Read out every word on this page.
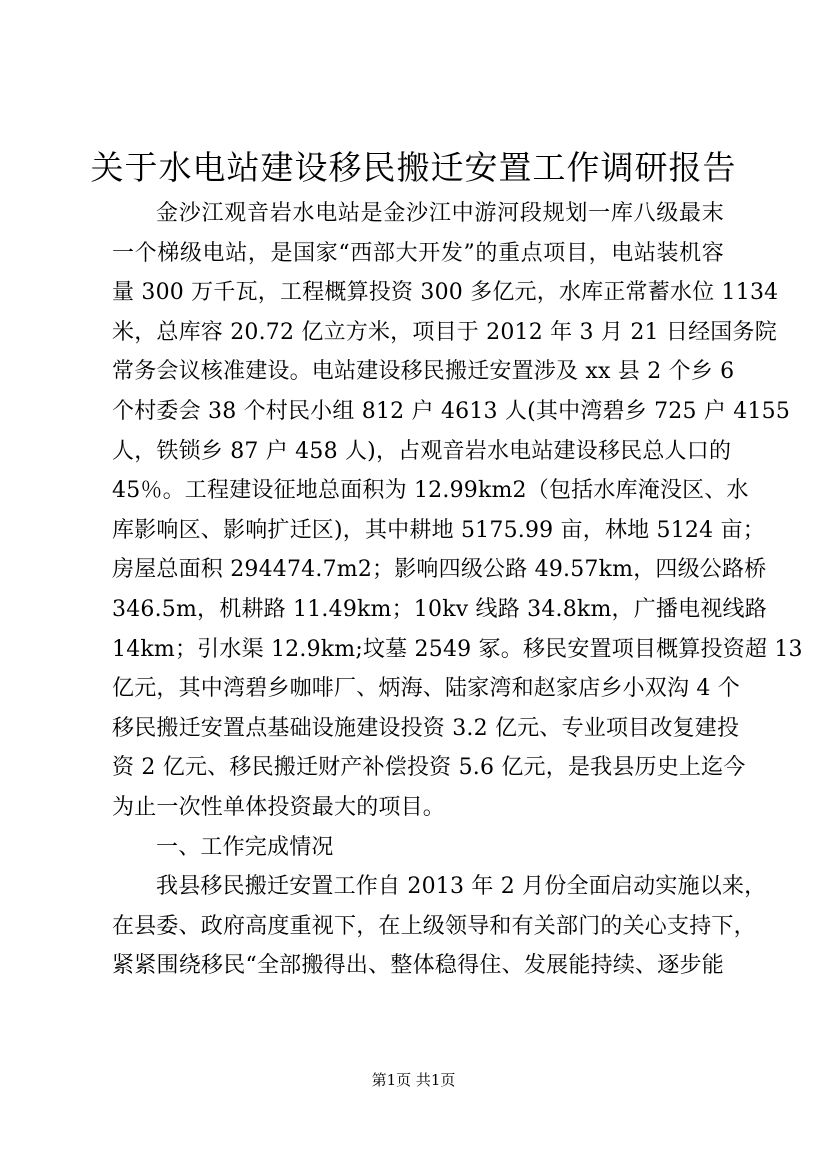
关于水电站建设移民搬迁安置工作调研报告
金沙江观音岩水电站是金沙江中游河段规划一库八级最末
一个梯级电站，是国家“西部大开发”的重点项目，电站装机容
量 300 万千瓦，工程概算投资 300 多亿元，水库正常蓄水位 1134
米，总库容 20.72 亿立方米，项目于 2012 年 3 月 21 日经国务院
常务会议核准建设。电站建设移民搬迁安置涉及 xx 县 2 个乡 6
个村委会 38 个村民小组 812 户 4613 人(其中湾碧乡 725 户 4155
人，铁锁乡 87 户 458 人)，占观音岩水电站建设移民总人口的
45％。工程建设征地总面积为 12.99km2（包括水库淹没区、水
库影响区、影响扩迁区)，其中耕地 5175.99 亩，林地 5124 亩；
房屋总面积 294474.7m2；影响四级公路 49.57km，四级公路桥
346.5m，机耕路 11.49km；10kv 线路 34.8km，广播电视线路
14km；引水渠 12.9km;坟墓 2549 冢。移民安置项目概算投资超 13
亿元，其中湾碧乡咖啡厂、炳海、陆家湾和赵家店乡小双沟 4 个
移民搬迁安置点基础设施建设投资 3.2 亿元、专业项目改复建投
资 2 亿元、移民搬迁财产补偿投资 5.6 亿元，是我县历史上迄今
为止一次性单体投资最大的项目。
一、工作完成情况
我县移民搬迁安置工作自 2013 年 2 月份全面启动实施以来，
在县委、政府高度重视下，在上级领导和有关部门的关心支持下，
紧紧围绕移民“全部搬得出、整体稳得住、发展能持续、逐步能
第1页 共1页
